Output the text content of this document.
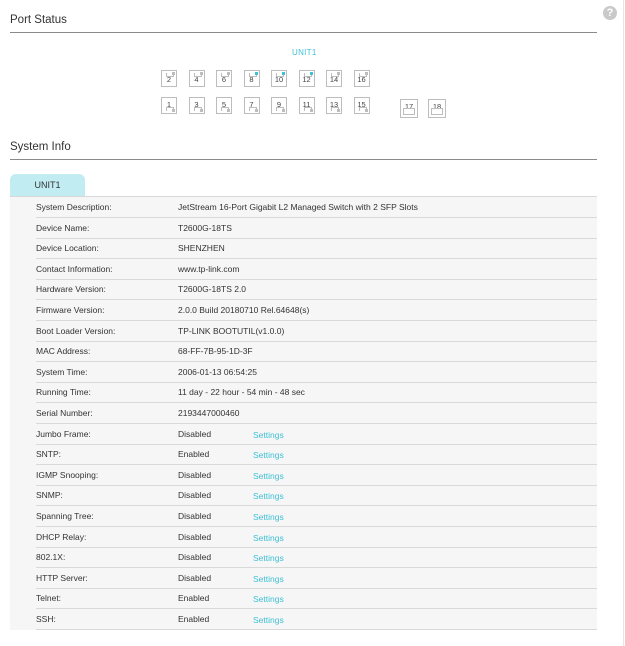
?
Port Status
UNIT1
2	4	6	8	10	12	14	16
1	3	5	7	9	11	13	15	17	18
System Info
UNIT1
System Description:	JetStream 16-Port Gigabit L2 Managed Switch with 2 SFP Slots
Device Name:	T2600G-18TS
Device Location:	SHENZHEN
Contact Information:	www.tp-link.com
Hardware Version:	T2600G-18TS 2.0
Firmware Version:	2.0.0 Build 20180710 Rel.64648(s)
Boot Loader Version:	TP-LINK BOOTUTIL(v1.0.0)
MAC Address:	68-FF-7B-95-1D-3F
System Time:	2006-01-13 06:54:25
Running Time:	11 day - 22 hour - 54 min - 48 sec
Serial Number:	2193447000460
Jumbo Frame:	Disabled	Settings
SNTP:	Enabled	Settings
IGMP Snooping:	Disabled	Settings
SNMP:	Disabled	Settings
Spanning Tree:	Disabled	Settings
DHCP Relay:	Disabled	Settings
802.1X:	Disabled	Settings
HTTP Server:	Disabled	Settings
Telnet:	Enabled	Settings
SSH:	Enabled	Settings
